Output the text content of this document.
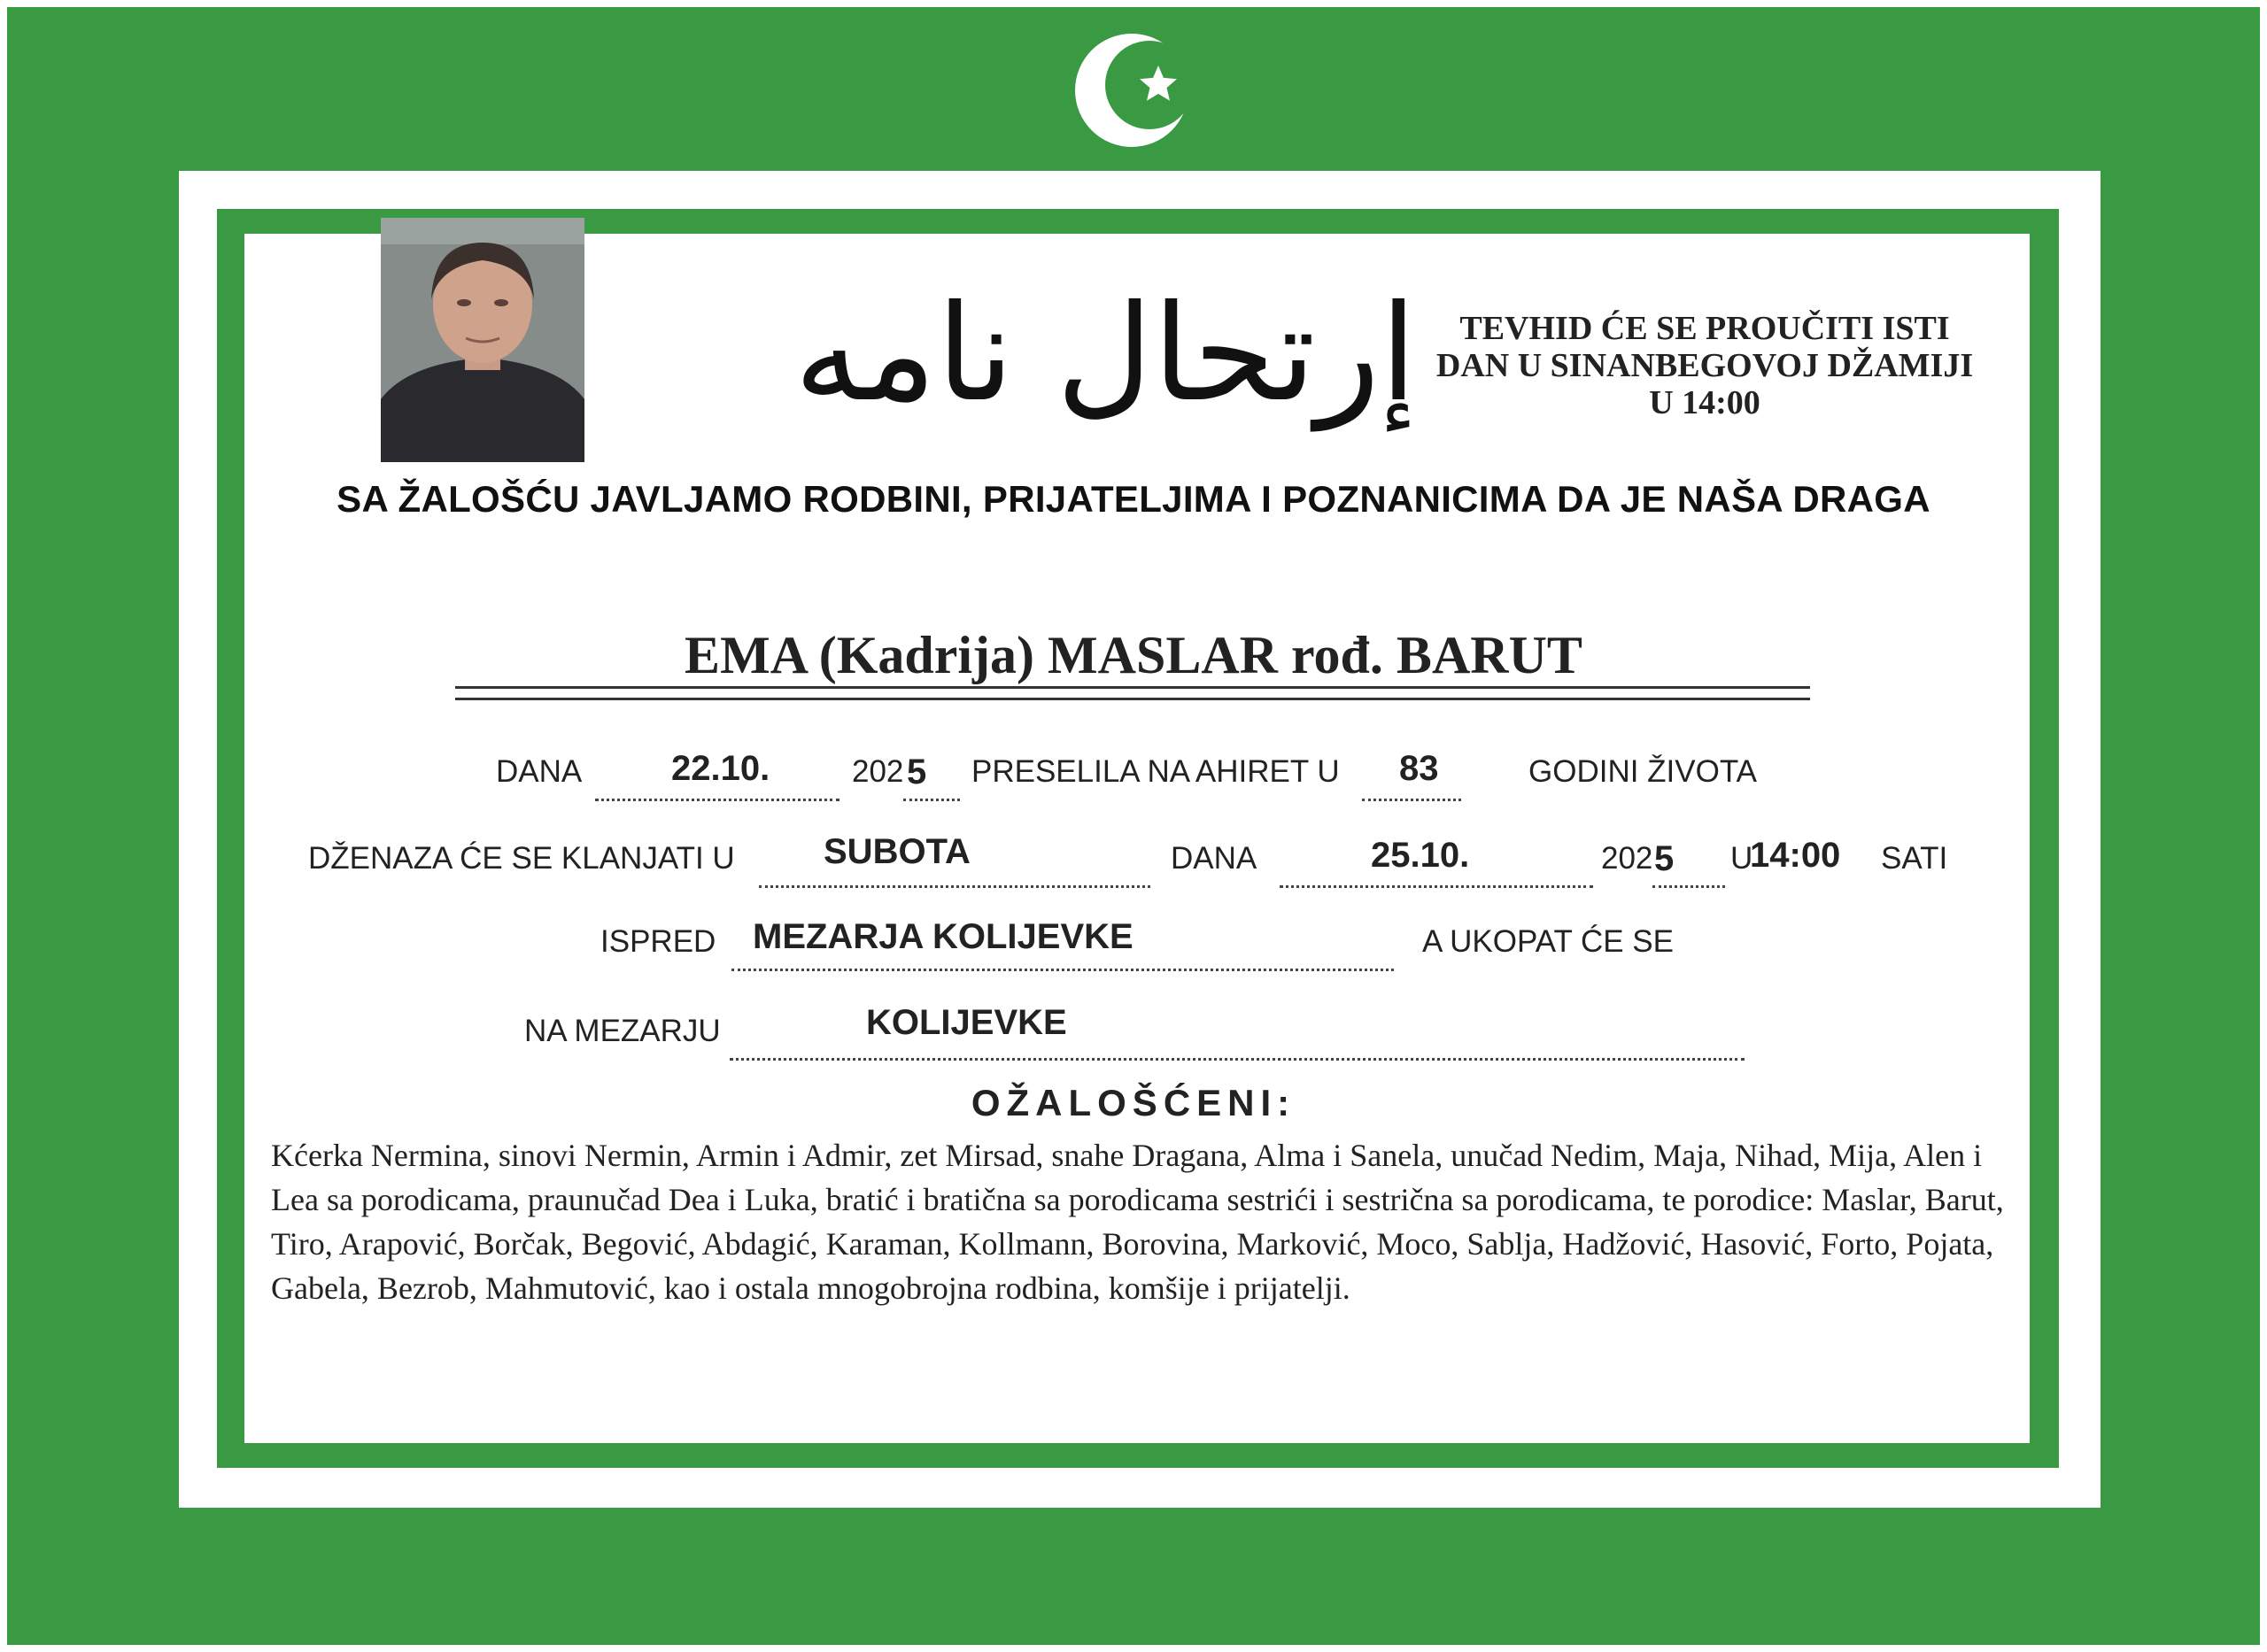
إرتحال نامه	TEVHID ĆE SE PROUČITI ISTI
DAN U SINANBEGOVOJ DŽAMIJI
U 14:00
SA ŽALOŠĆU JAVLJAMO RODBINI, PRIJATELJIMA I POZNANICIMA DA JE NAŠA DRAGA
EMA (Kadrija) MASLAR rođ. BARUT
DANA	22.10.	202 5 PRESELILA NA AHIRET U 83	GODINI ŽIVOTA
DŽENAZA ĆE SE KLANJATI U	SUBOTA	DANA	25.10.	202 5 U
14:00 SATI
ISPRED MEZARJA KOLIJEVKE	A UKOPAT ĆE SE
NA MEZARJU	KOLIJEVKE
OŽALOŠĆENI:
Kćerka Nermina, sinovi Nermin, Armin i Admir, zet Mirsad, snahe Dragana, Alma i Sanela, unučad Nedim, Maja, Nihad, Mija, Alen i Lea sa porodicama, praunučad Dea i Luka, bratić i bratična sa porodicama sestrići i sestrična sa porodicama, te porodice: Maslar, Barut, Tiro, Arapović, Borčak, Begović, Abdagić, Karaman, Kollmann, Borovina, Marković, Moco, Sablja, Hadžović, Hasović, Forto, Pojata, Gabela, Bezrob, Mahmutović, kao i ostala mnogobrojna rodbina, komšije i prijatelji.
